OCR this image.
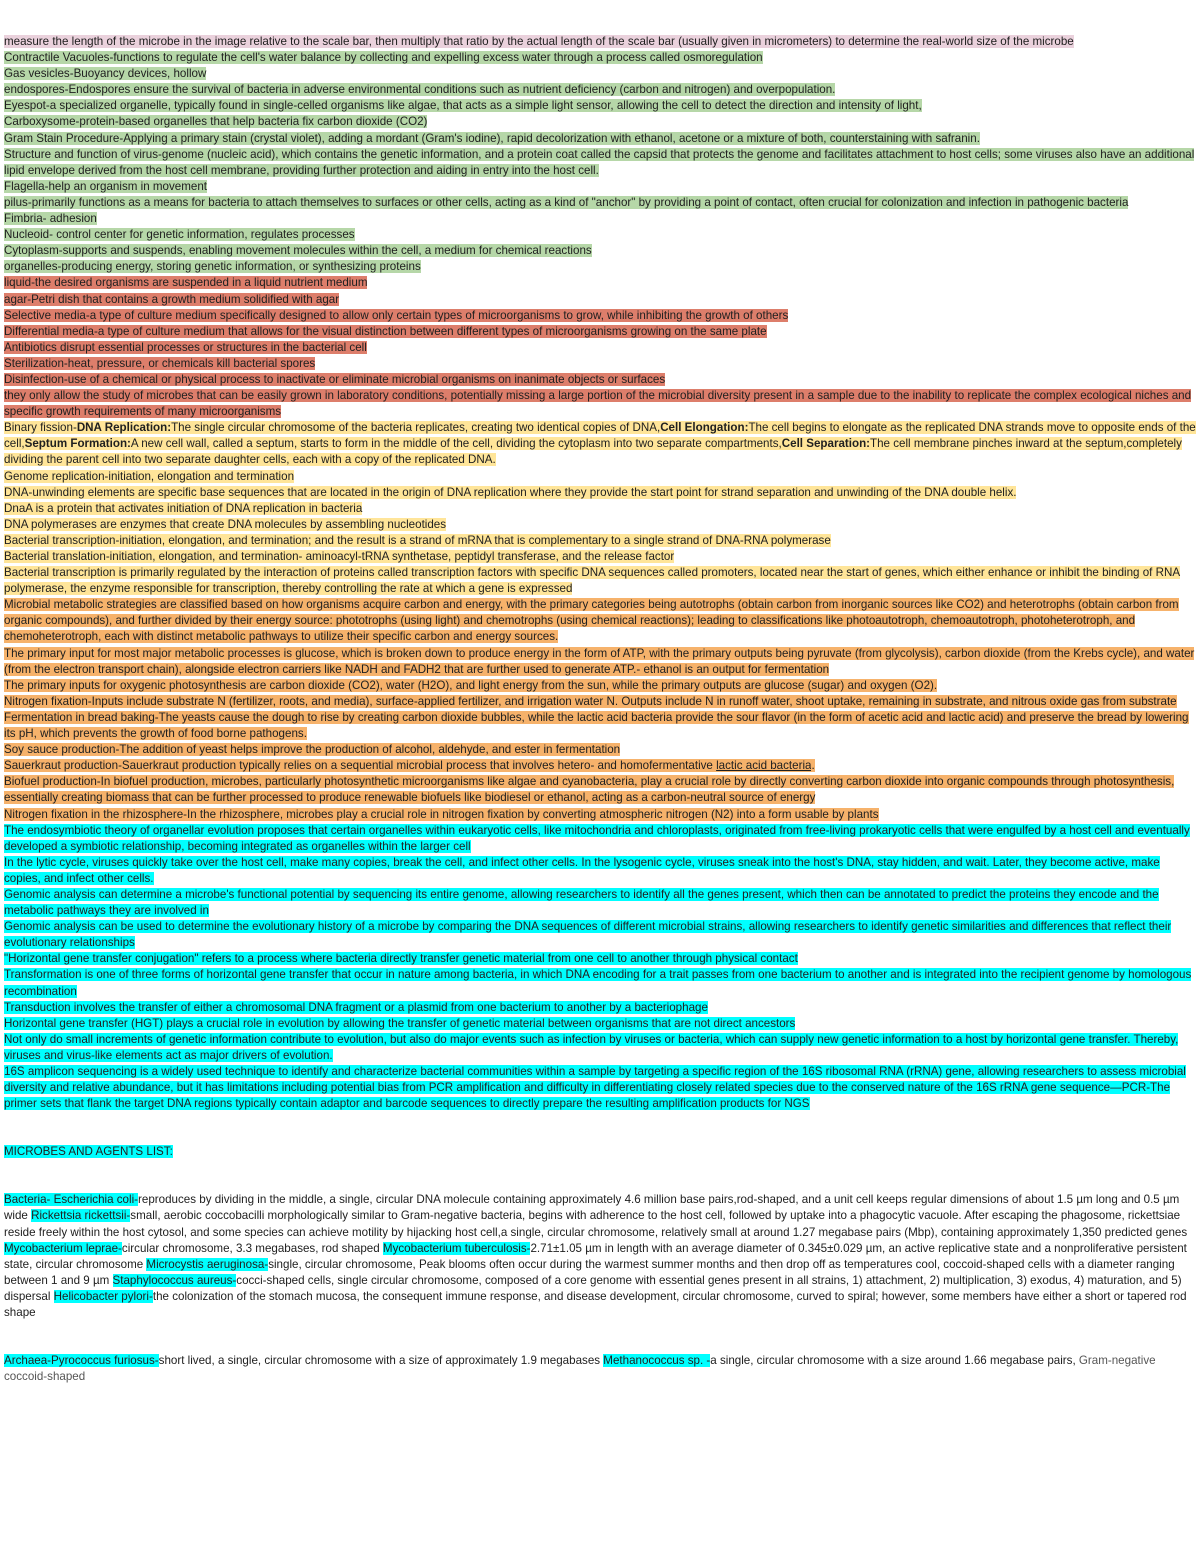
measure the length of the microbe in the image relative to the scale bar, then multiply that ratio by the actual length of the scale bar (usually given in micrometers) to determine the real-world size of the microbe

Contractile Vacuoles-functions to regulate the cell's water balance by collecting and expelling excess water through a process called osmoregulation

Gas vesicles-Buoyancy devices, hollow

endospores-Endospores ensure the survival of bacteria in adverse environmental conditions such as nutrient deficiency (carbon and nitrogen) and overpopulation.

Eyespot-a specialized organelle, typically found in single-celled organisms like algae, that acts as a simple light sensor, allowing the cell to detect the direction and intensity of light,

Carboxysome-protein-based organelles that help bacteria fix carbon dioxide (CO2)

Gram Stain Procedure-Applying a primary stain (crystal violet), adding a mordant (Gram's iodine), rapid decolorization with ethanol, acetone or a mixture of both, counterstaining with safranin.

Structure and function of virus-genome (nucleic acid), which contains the genetic information, and a protein coat called the capsid that protects the genome and facilitates attachment to host cells; some viruses also have an additional lipid envelope derived from the host cell membrane, providing further protection and aiding in entry into the host cell.

Flagella-help an organism in movement

pilus-primarily functions as a means for bacteria to attach themselves to surfaces or other cells, acting as a kind of "anchor" by providing a point of contact, often crucial for colonization and infection in pathogenic bacteria

Fimbria- adhesion

Nucleoid- control center for genetic information, regulates processes

Cytoplasm-supports and suspends, enabling movement molecules within the cell, a medium for chemical reactions

organelles-producing energy, storing genetic information, or synthesizing proteins

liquid-the desired organisms are suspended in a liquid nutrient medium

agar-Petri dish that contains a growth medium solidified with agar

Selective media-a type of culture medium specifically designed to allow only certain types of microorganisms to grow, while inhibiting the growth of others

Differential media-a type of culture medium that allows for the visual distinction between different types of microorganisms growing on the same plate

Antibiotics disrupt essential processes or structures in the bacterial cell

Sterilization-heat, pressure, or chemicals kill bacterial spores

Disinfection-use of a chemical or physical process to inactivate or eliminate microbial organisms on inanimate objects or surfaces

they only allow the study of microbes that can be easily grown in laboratory conditions, potentially missing a large portion of the microbial diversity present in a sample due to the inability to replicate the complex ecological niches and specific growth requirements of many microorganisms

Binary fission-DNA Replication:The single circular chromosome of the bacteria replicates, creating two identical copies of DNA,Cell Elongation:The cell begins to elongate as the replicated DNA strands move to opposite ends of the cell,Septum Formation:A new cell wall, called a septum, starts to form in the middle of the cell, dividing the cytoplasm into two separate compartments,Cell Separation:The cell membrane pinches inward at the septum,completely dividing the parent cell into two separate daughter cells, each with a copy of the replicated DNA.

Genome replication-initiation, elongation and termination

DNA-unwinding elements are specific base sequences that are located in the origin of DNA replication where they provide the start point for strand separation and unwinding of the DNA double helix.

DnaA is a protein that activates initiation of DNA replication in bacteria

DNA polymerases are enzymes that create DNA molecules by assembling nucleotides

Bacterial transcription-initiation, elongation, and termination; and the result is a strand of mRNA that is complementary to a single strand of DNA-RNA polymerase

Bacterial translation-initiation, elongation, and termination- aminoacyl-tRNA synthetase, peptidyl transferase, and the release factor

Bacterial transcription is primarily regulated by the interaction of proteins called transcription factors with specific DNA sequences called promoters, located near the start of genes, which either enhance or inhibit the binding of RNA polymerase, the enzyme responsible for transcription, thereby controlling the rate at which a gene is expressed

Microbial metabolic strategies are classified based on how organisms acquire carbon and energy, with the primary categories being autotrophs (obtain carbon from inorganic sources like CO2) and heterotrophs (obtain carbon from organic compounds), and further divided by their energy source: phototrophs (using light) and chemotrophs (using chemical reactions); leading to classifications like photoautotroph, chemoautotroph, photoheterotroph, and chemoheterotroph, each with distinct metabolic pathways to utilize their specific carbon and energy sources.

The primary input for most major metabolic processes is glucose, which is broken down to produce energy in the form of ATP, with the primary outputs being pyruvate (from glycolysis), carbon dioxide (from the Krebs cycle), and water (from the electron transport chain), alongside electron carriers like NADH and FADH2 that are further used to generate ATP.- ethanol is an output for fermentation

The primary inputs for oxygenic photosynthesis are carbon dioxide (CO2), water (H2O), and light energy from the sun, while the primary outputs are glucose (sugar) and oxygen (O2).

Nitrogen fixation-Inputs include substrate N (fertilizer, roots, and media), surface-applied fertilizer, and irrigation water N. Outputs include N in runoff water, shoot uptake, remaining in substrate, and nitrous oxide gas from substrate

Fermentation in bread baking-The yeasts cause the dough to rise by creating carbon dioxide bubbles, while the lactic acid bacteria provide the sour flavor (in the form of acetic acid and lactic acid) and preserve the bread by lowering its pH, which prevents the growth of food borne pathogens.

Soy sauce production-The addition of yeast helps improve the production of alcohol, aldehyde, and ester in fermentation

Sauerkraut production-Sauerkraut production typically relies on a sequential microbial process that involves hetero- and homofermentative lactic acid bacteria.

Biofuel production-In biofuel production, microbes, particularly photosynthetic microorganisms like algae and cyanobacteria, play a crucial role by directly converting carbon dioxide into organic compounds through photosynthesis, essentially creating biomass that can be further processed to produce renewable biofuels like biodiesel or ethanol, acting as a carbon-neutral source of energy

Nitrogen fixation in the rhizosphere-In the rhizosphere, microbes play a crucial role in nitrogen fixation by converting atmospheric nitrogen (N2) into a form usable by plants

The endosymbiotic theory of organellar evolution proposes that certain organelles within eukaryotic cells, like mitochondria and chloroplasts, originated from free-living prokaryotic cells that were engulfed by a host cell and eventually developed a symbiotic relationship, becoming integrated as organelles within the larger cell

In the lytic cycle, viruses quickly take over the host cell, make many copies, break the cell, and infect other cells. In the lysogenic cycle, viruses sneak into the host's DNA, stay hidden, and wait. Later, they become active, make copies, and infect other cells.

Genomic analysis can determine a microbe's functional potential by sequencing its entire genome, allowing researchers to identify all the genes present, which then can be annotated to predict the proteins they encode and the metabolic pathways they are involved in

Genomic analysis can be used to determine the evolutionary history of a microbe by comparing the DNA sequences of different microbial strains, allowing researchers to identify genetic similarities and differences that reflect their evolutionary relationships

"Horizontal gene transfer conjugation" refers to a process where bacteria directly transfer genetic material from one cell to another through physical contact

Transformation is one of three forms of horizontal gene transfer that occur in nature among bacteria, in which DNA encoding for a trait passes from one bacterium to another and is integrated into the recipient genome by homologous recombination

Transduction involves the transfer of either a chromosomal DNA fragment or a plasmid from one bacterium to another by a bacteriophage

Horizontal gene transfer (HGT) plays a crucial role in evolution by allowing the transfer of genetic material between organisms that are not direct ancestors

Not only do small increments of genetic information contribute to evolution, but also do major events such as infection by viruses or bacteria, which can supply new genetic information to a host by horizontal gene transfer. Thereby, viruses and virus-like elements act as major drivers of evolution.

16S amplicon sequencing is a widely used technique to identify and characterize bacterial communities within a sample by targeting a specific region of the 16S ribosomal RNA (rRNA) gene, allowing researchers to assess microbial diversity and relative abundance, but it has limitations including potential bias from PCR amplification and difficulty in differentiating closely related species due to the conserved nature of the 16S rRNA gene sequence—PCR-The primer sets that flank the target DNA regions typically contain adaptor and barcode sequences to directly prepare the resulting amplification products for NGS

MICROBES AND AGENTS LIST:

Bacteria- Escherichia coli-reproduces by dividing in the middle, a single, circular DNA molecule containing approximately 4.6 million base pairs,rod-shaped, and a unit cell keeps regular dimensions of about 1.5 µm long and 0.5 µm wide Rickettsia rickettsii-small, aerobic coccobacilli morphologically similar to Gram-negative bacteria, begins with adherence to the host cell, followed by uptake into a phagocytic vacuole. After escaping the phagosome, rickettsiae reside freely within the host cytosol, and some species can achieve motility by hijacking host cell,a single, circular chromosome, relatively small at around 1.27 megabase pairs (Mbp), containing approximately 1,350 predicted genes Mycobacterium leprae-circular chromosome, 3.3 megabases, rod shaped Mycobacterium tuberculosis-2.71±1.05 µm in length with an average diameter of 0.345±0.029 µm, an active replicative state and a nonproliferative persistent state, circular chromosome Microcystis aeruginosa-single, circular chromosome, Peak blooms often occur during the warmest summer months and then drop off as temperatures cool, coccoid-shaped cells with a diameter ranging between 1 and 9 µm Staphylococcus aureus-cocci-shaped cells, single circular chromosome, composed of a core genome with essential genes present in all strains, 1) attachment, 2) multiplication, 3) exodus, 4) maturation, and 5) dispersal Helicobacter pylori-the colonization of the stomach mucosa, the consequent immune response, and disease development, circular chromosome, curved to spiral; however, some members have either a short or tapered rod shape

Archaea-Pyrococcus furiosus-short lived, a single, circular chromosome with a size of approximately 1.9 megabases Methanococcus sp. -a single, circular chromosome with a size around 1.66 megabase pairs, Gram-negative coccoid-shaped
